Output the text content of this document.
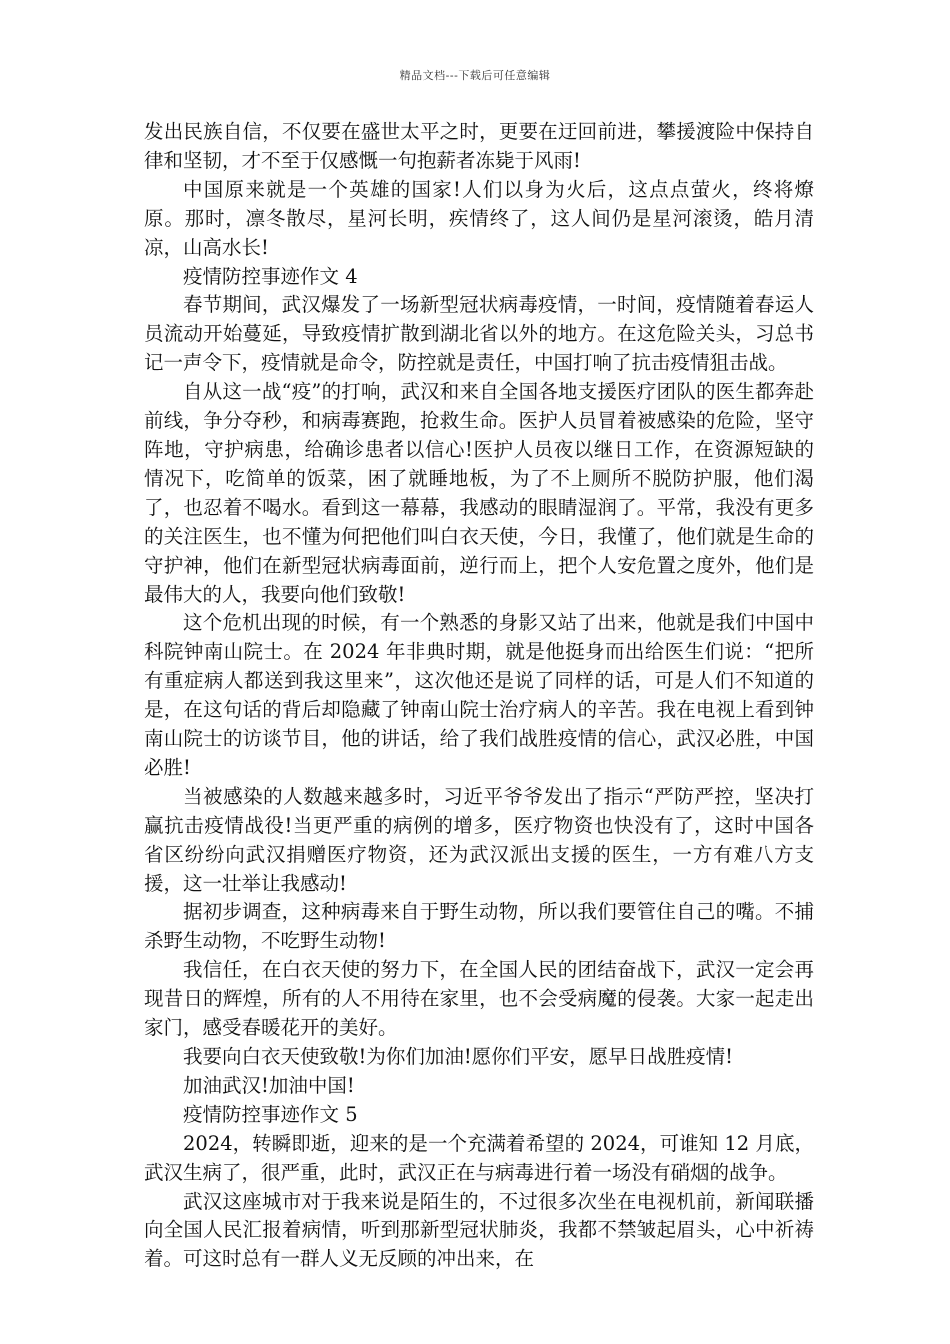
精品文档---下载后可任意编辑

发出民族自信，不仅要在盛世太平之时，更要在迂回前进，攀援渡险中保持自律和坚韧，才不至于仅感慨一句抱薪者冻毙于风雨!

中国原来就是一个英雄的国家!人们以身为火后，这点点萤火，终将燎原。那时，凛冬散尽，星河长明，疾情终了，这人间仍是星河滚烫，皓月清凉，山高水长!

疫情防控事迹作文 4

春节期间，武汉爆发了一场新型冠状病毒疫情，一时间，疫情随着春运人员流动开始蔓延，导致疫情扩散到湖北省以外的地方。在这危险关头，习总书记一声令下，疫情就是命令，防控就是责任，中国打响了抗击疫情狙击战。

自从这一战“疫”的打响，武汉和来自全国各地支援医疗团队的医生都奔赴前线，争分夺秒，和病毒赛跑，抢救生命。医护人员冒着被感染的危险，坚守阵地，守护病患，给确诊患者以信心!医护人员夜以继日工作，在资源短缺的情况下，吃简单的饭菜，困了就睡地板，为了不上厕所不脱防护服，他们渴了，也忍着不喝水。看到这一幕幕，我感动的眼睛湿润了。平常，我没有更多的关注医生，也不懂为何把他们叫白衣天使，今日，我懂了，他们就是生命的守护神，他们在新型冠状病毒面前，逆行而上，把个人安危置之度外，他们是最伟大的人，我要向他们致敬!

这个危机出现的时候，有一个熟悉的身影又站了出来，他就是我们中国中科院钟南山院士。在 2024 年非典时期，就是他挺身而出给医生们说：“把所有重症病人都送到我这里来”，这次他还是说了同样的话，可是人们不知道的是，在这句话的背后却隐藏了钟南山院士治疗病人的辛苦。我在电视上看到钟南山院士的访谈节目，他的讲话，给了我们战胜疫情的信心，武汉必胜，中国必胜!

当被感染的人数越来越多时，习近平爷爷发出了指示“严防严控，坚决打赢抗击疫情战役!当更严重的病例的增多，医疗物资也快没有了，这时中国各省区纷纷向武汉捐赠医疗物资，还为武汉派出支援的医生，一方有难八方支援，这一壮举让我感动!

据初步调查，这种病毒来自于野生动物，所以我们要管住自己的嘴。不捕杀野生动物，不吃野生动物!

我信任，在白衣天使的努力下，在全国人民的团结奋战下，武汉一定会再现昔日的辉煌，所有的人不用待在家里，也不会受病魔的侵袭。大家一起走出家门，感受春暖花开的美好。

我要向白衣天使致敬!为你们加油!愿你们平安，愿早日战胜疫情!

加油武汉!加油中国!

疫情防控事迹作文 5

2024，转瞬即逝，迎来的是一个充满着希望的 2024，可谁知 12 月底，武汉生病了，很严重，此时，武汉正在与病毒进行着一场没有硝烟的战争。

武汉这座城市对于我来说是陌生的，不过很多次坐在电视机前，新闻联播向全国人民汇报着病情，听到那新型冠状肺炎，我都不禁皱起眉头，心中祈祷着。可这时总有一群人义无反顾的冲出来，在
